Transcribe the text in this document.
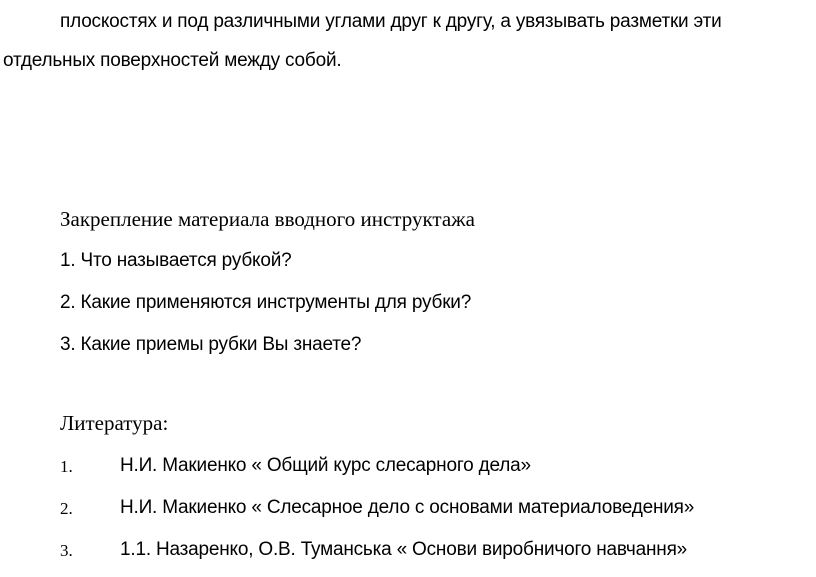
плоскостях и под различными углами друг к другу, а увязывать разметки эти
отдельных поверхностей между собой.
Закрепление материала вводного инструктажа
1. Что называется рубкой?
2. Какие применяются инструменты для рубки?
3. Какие приемы рубки Вы знаете?
Литература:
1. Н.И. Макиенко « Общий курс слесарного дела»
2. Н.И. Макиенко « Слесарное дело с основами материаловедения»
3. 1.1. Назаренко, О.В. Туманська « Основи виробничого навчання»
